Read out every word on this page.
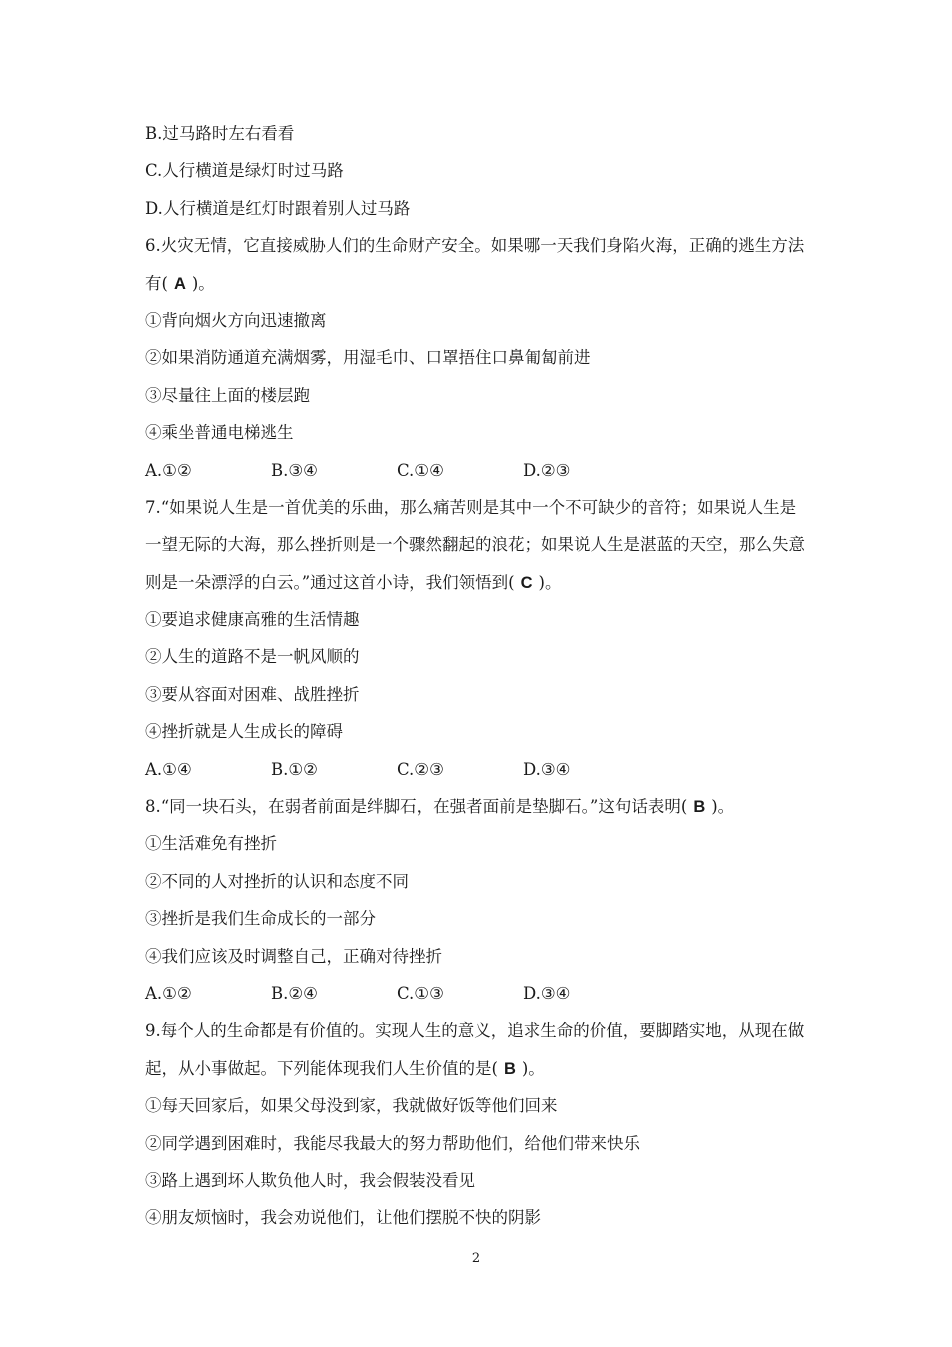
B.过马路时左右看看
C.人行横道是绿灯时过马路
D.人行横道是红灯时跟着别人过马路
6.火灾无情，它直接威胁人们的生命财产安全。如果哪一天我们身陷火海，正确的逃生方法
有( A )。
①背向烟火方向迅速撤离
②如果消防通道充满烟雾，用湿毛巾、口罩捂住口鼻匍匐前进
③尽量往上面的楼层跑
④乘坐普通电梯逃生
A.①②	B.③④	C.①④	D.②③
7.“如果说人生是一首优美的乐曲，那么痛苦则是其中一个不可缺少的音符；如果说人生是
一望无际的大海，那么挫折则是一个骤然翻起的浪花；如果说人生是湛蓝的天空，那么失意
则是一朵漂浮的白云。”通过这首小诗，我们领悟到( C )。
①要追求健康高雅的生活情趣
②人生的道路不是一帆风顺的
③要从容面对困难、战胜挫折
④挫折就是人生成长的障碍
A.①④	B.①②	C.②③	D.③④
8.“同一块石头，在弱者前面是绊脚石，在强者面前是垫脚石。”这句话表明( B )。
①生活难免有挫折
②不同的人对挫折的认识和态度不同
③挫折是我们生命成长的一部分
④我们应该及时调整自己，正确对待挫折
A.①②	B.②④	C.①③	D.③④
9.每个人的生命都是有价值的。实现人生的意义，追求生命的价值，要脚踏实地，从现在做
起，从小事做起。下列能体现我们人生价值的是( B )。
①每天回家后，如果父母没到家，我就做好饭等他们回来
②同学遇到困难时，我能尽我最大的努力帮助他们，给他们带来快乐
③路上遇到坏人欺负他人时，我会假装没看见
④朋友烦恼时，我会劝说他们，让他们摆脱不快的阴影
2
